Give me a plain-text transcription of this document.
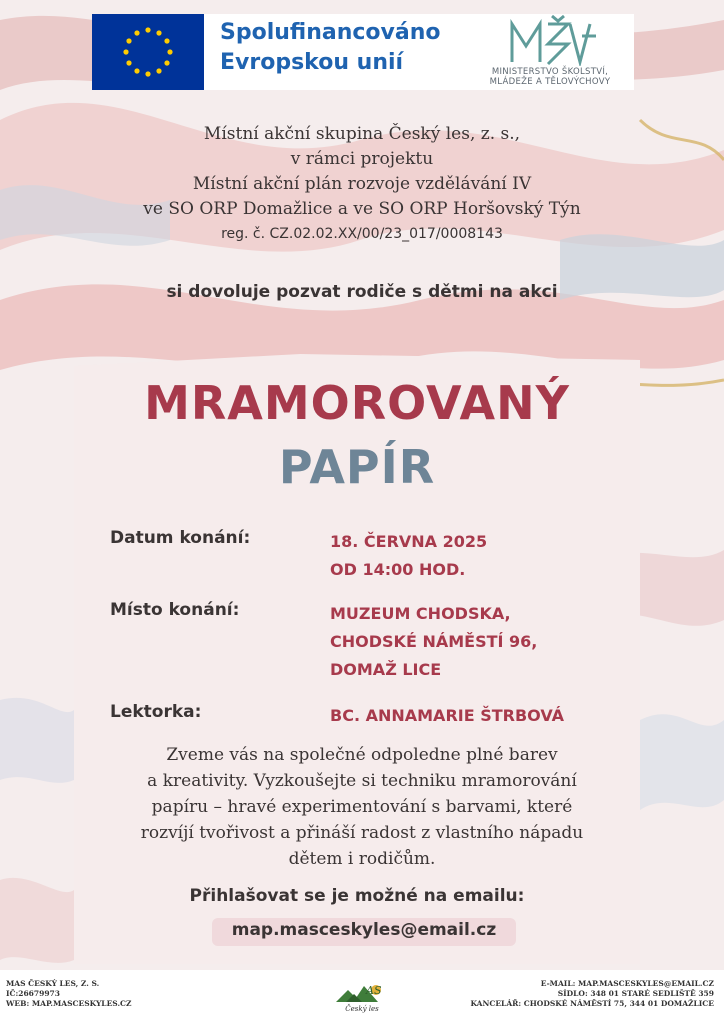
Spolufinancováno
Evropskou unií	MINISTERSTVO ŠKOLSTVÍ,
MLÁDEŽE A TĚLOVÝCHOVY
Místní akční skupina Český les, z. s.,
v rámci projektu
Místní akční plán rozvoje vzdělávání IV
ve SO ORP Domažlice a ve SO ORP Horšovský Týn
reg. č. CZ.02.02.XX/00/23_017/0008143
si dovoluje pozvat rodiče s dětmi na akci
MRAMOROVANÝ
PAPÍR
Datum konání:	18. ČERVNA 2025
OD 14:00 HOD.
Místo konání:	MUZEUM CHODSKA,
CHODSKÉ NÁMĚSTÍ 96,
DOMAŽ LICE
Lektorka:	BC. ANNAMARIE ŠTRBOVÁ
Zveme vás na společné odpoledne plné barev
a kreativity. Vyzkoušejte si techniku mramorování
papíru – hravé experimentování s barvami, které
rozvíjí tvořivost a přináší radost z vlastního nápadu
dětem i rodičům.
Přihlašovat se je možné na emailu:
map.masceskyles@email.cz
MAS ČESKÝ LES, Z. S.
IČ:26679973
WEB: MAP.MASCESKYLES.CZ
AS
Český les
E-MAIL: MAP.MASCESKYLES@EMAIL.CZ
SÍDLO: 348 01 STARÉ SEDLIŠTĚ 359
KANCELÁŘ: CHODSKÉ NÁMĚSTÍ 75, 344 01 DOMAŽLICE
